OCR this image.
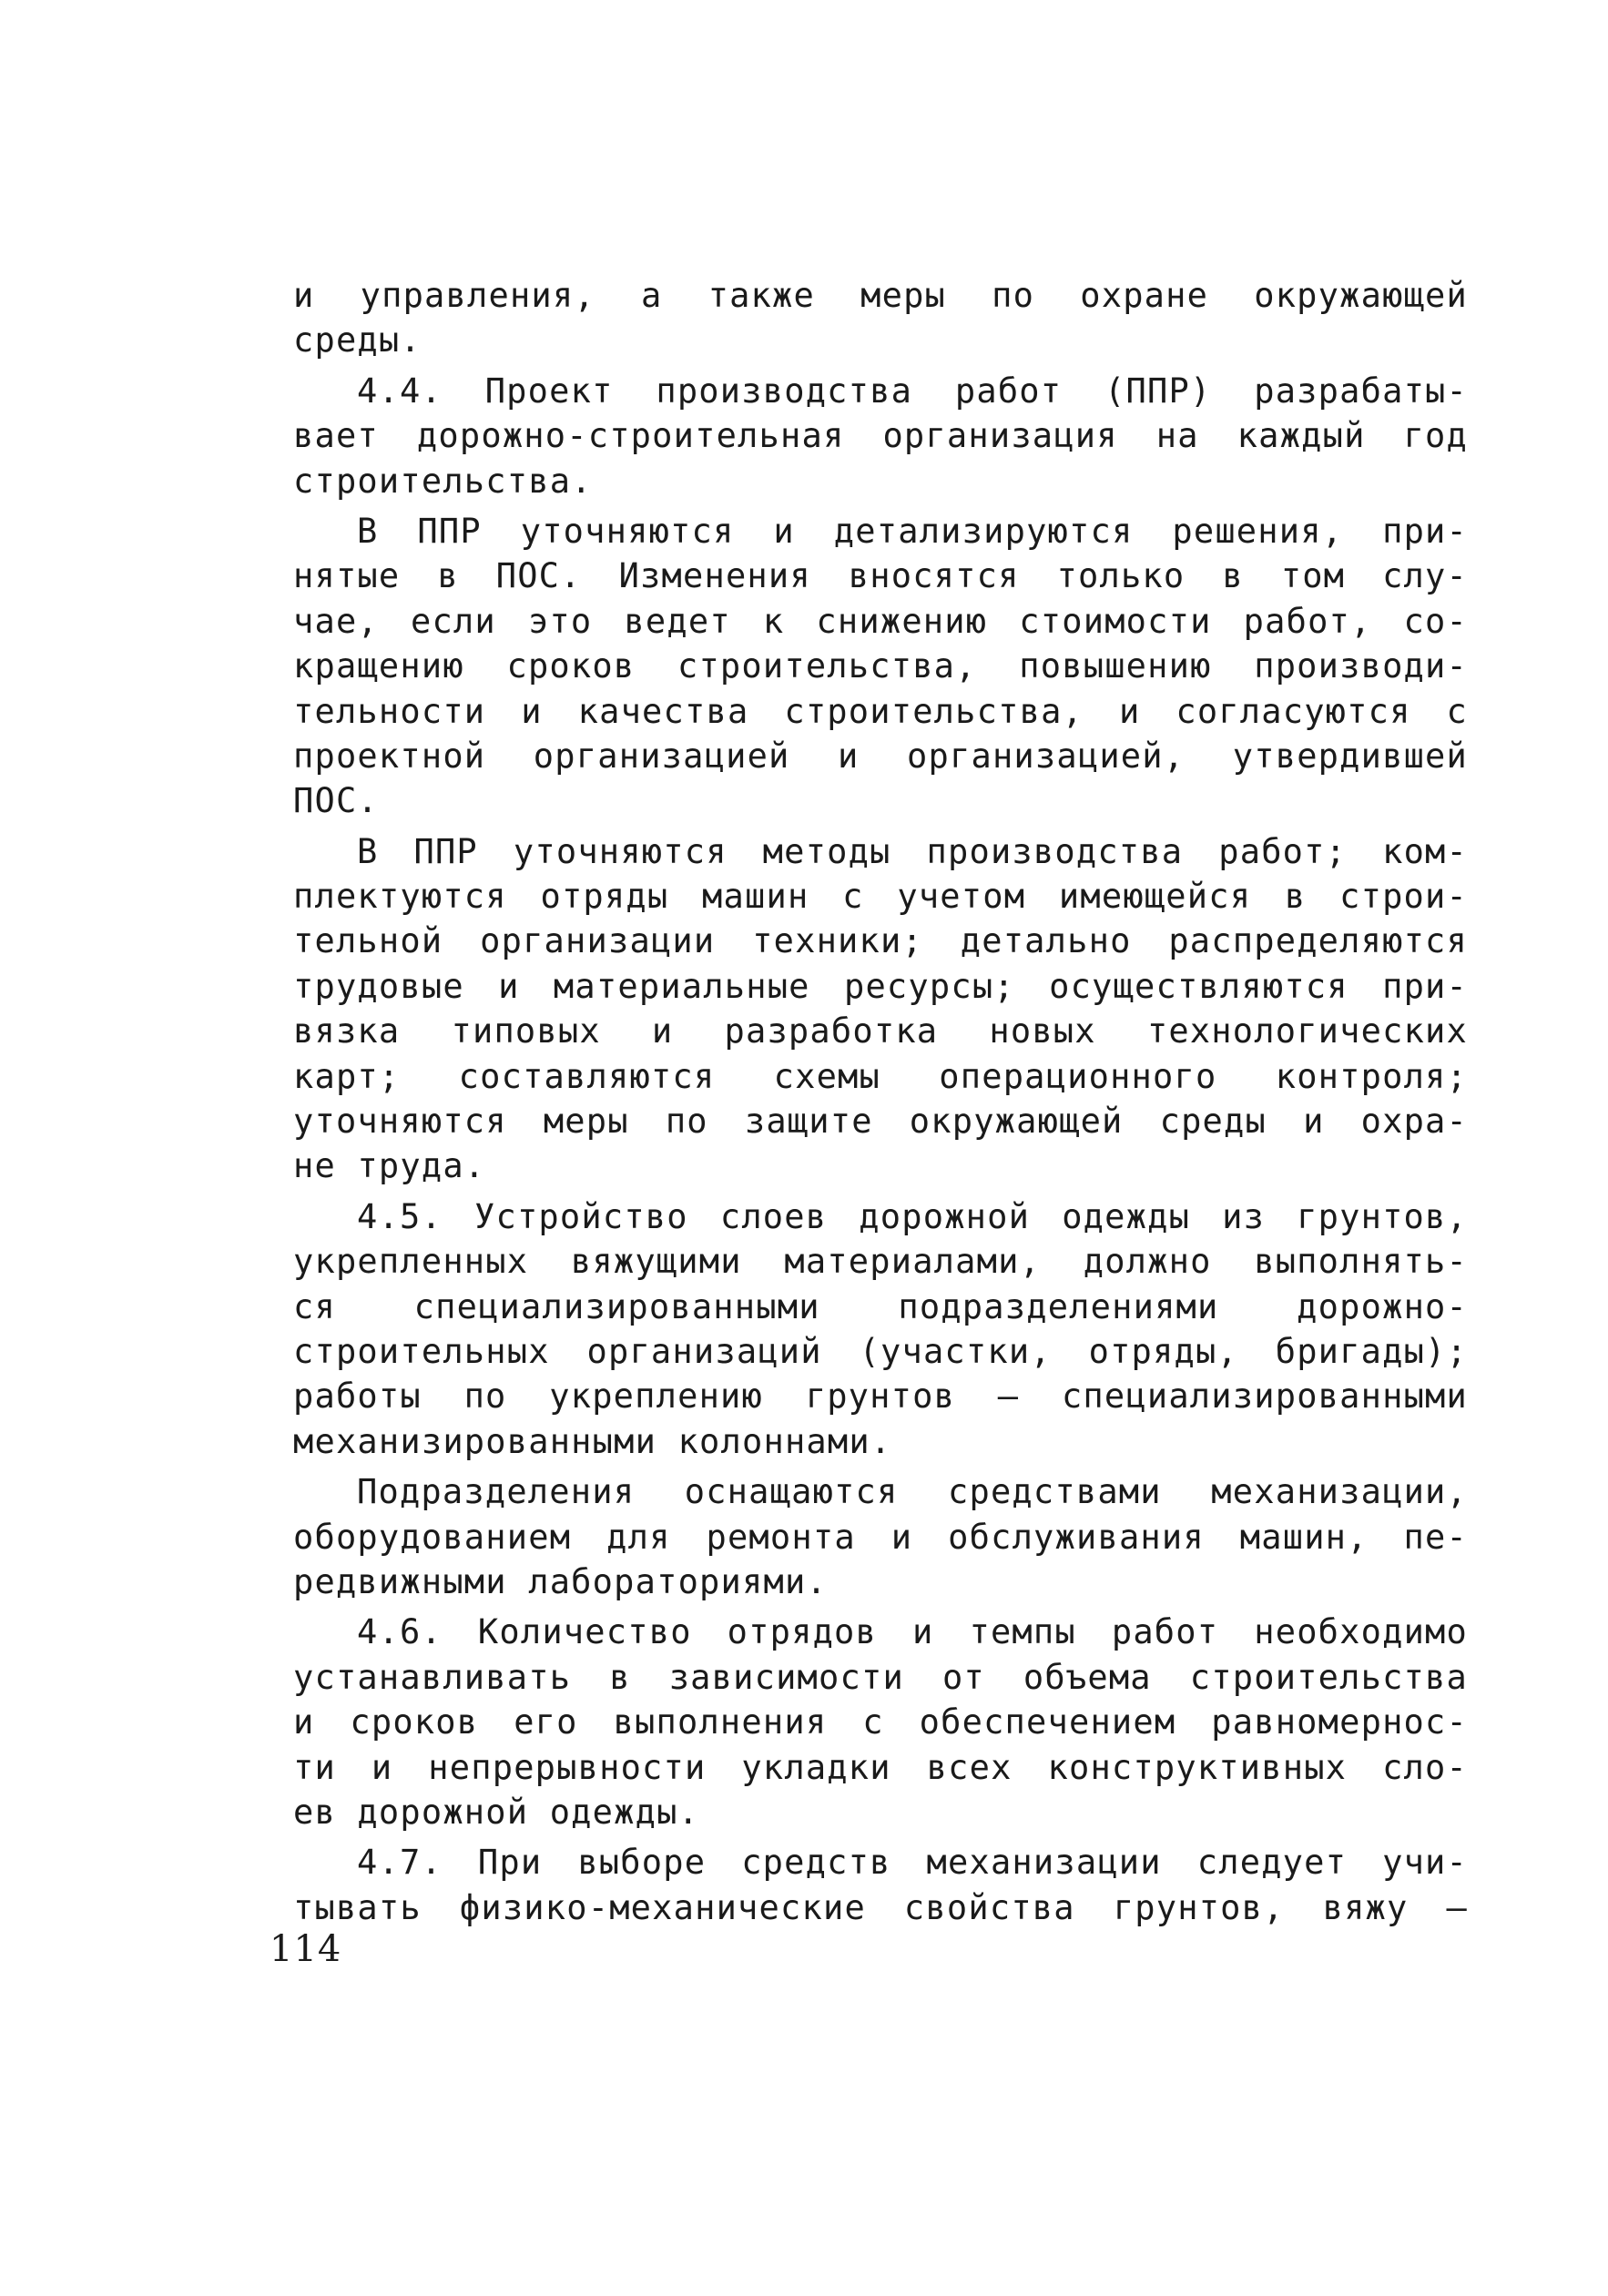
и управления, а также меры по охране окружающей
среды.
4.4. Проект производства работ (ППР) разрабаты-
вает дорожно-строительная организация на каждый год
строительства.
В ППР уточняются и детализируются решения, при-
нятые в ПОС. Изменения вносятся только в том слу-
чае, если это ведет к снижению стоимости работ, со-
кращению сроков строительства, повышению производи-
тельности и качества строительства, и согласуются с
проектной организацией и организацией, утвердившей
ПОС.
В ППР уточняются методы производства работ; ком-
плектуются отряды машин с учетом имеющейся в строи-
тельной организации техники; детально распределяются
трудовые и материальные ресурсы; осуществляются при-
вязка типовых и разработка новых технологических
карт; составляются схемы операционного контроля;
уточняются меры по защите окружающей среды и охра-
не труда.
4.5. Устройство слоев дорожной одежды из грунтов,
укрепленных вяжущими материалами, должно выполнять-
ся специализированными подразделениями дорожно-
строительных организаций (участки, отряды, бригады);
работы по укреплению грунтов – специализированными
механизированными колоннами.
Подразделения оснащаются средствами механизации,
оборудованием для ремонта и обслуживания машин, пе-
редвижными лабораториями.
4.6. Количество отрядов и темпы работ необходимо
устанавливать в зависимости от объема строительства
и сроков его выполнения с обеспечением равномернос-
ти и непрерывности укладки всех конструктивных сло-
ев дорожной одежды.
4.7. При выборе средств механизации следует учи-
тывать физико-механические свойства грунтов, вяжу –
114
